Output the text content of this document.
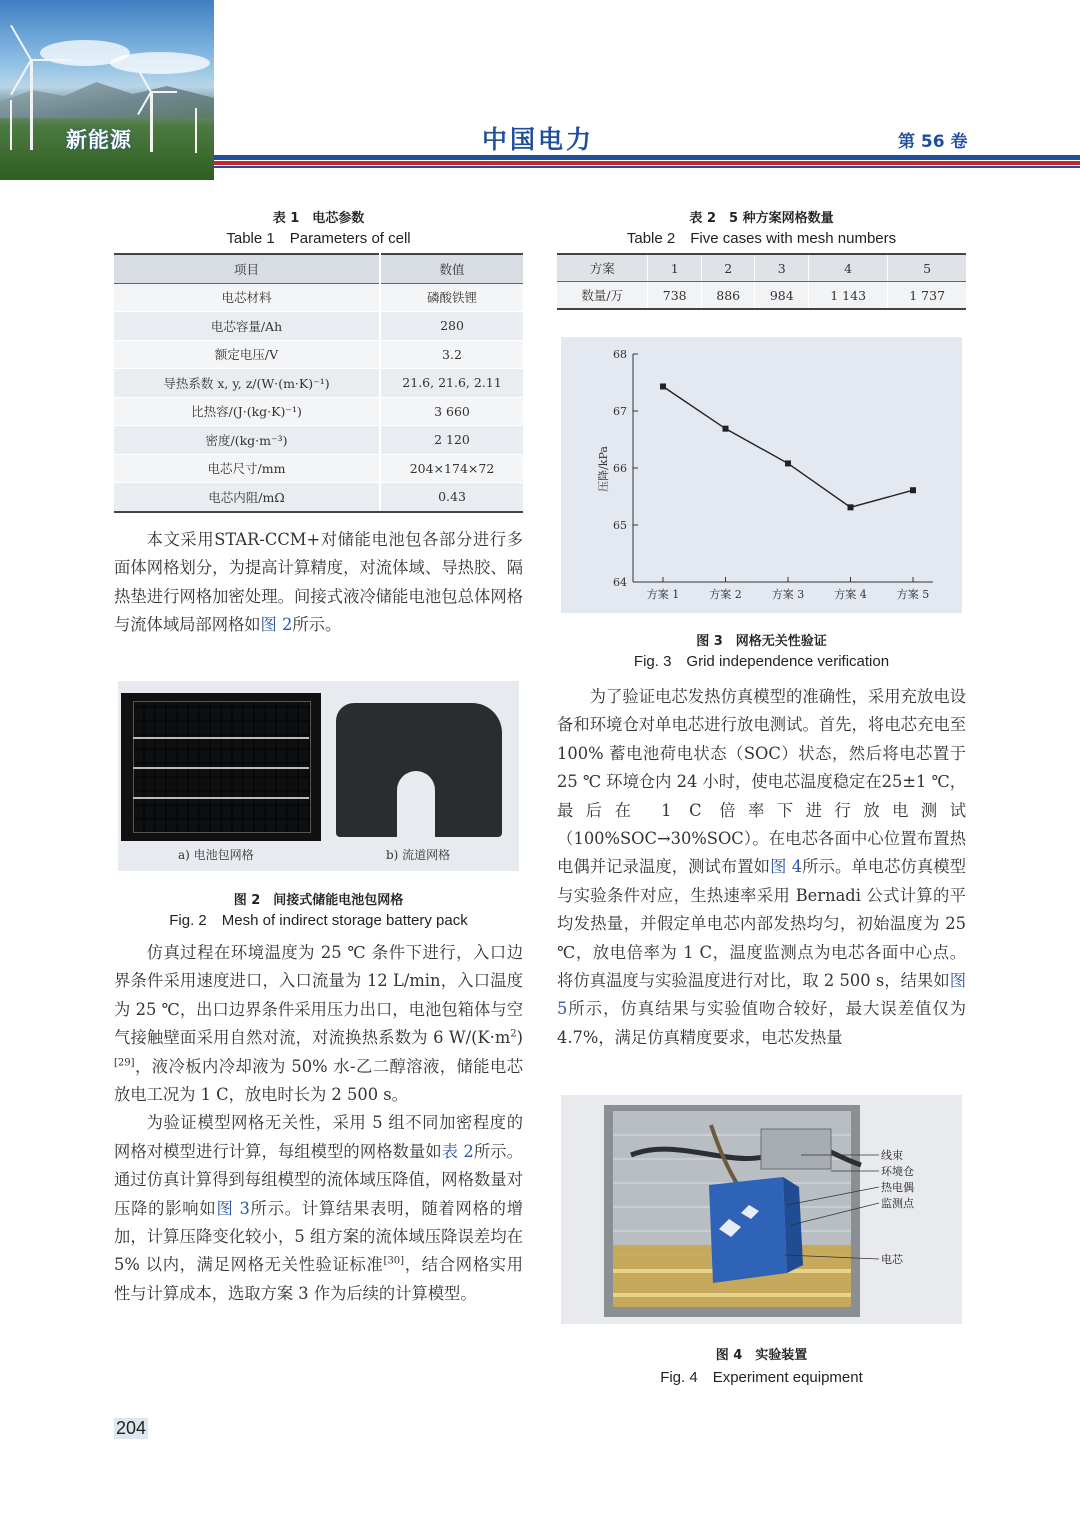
新能源	中国电力	第 56 卷
表 1　电芯参数
Table 1　Parameters of cell
项目	数值
电芯材料	磷酸铁锂
电芯容量/Ah	280
额定电压/V	3.2
导热系数 x, y, z/(W·(m·K)⁻¹)	21.6, 21.6, 2.11
比热容/(J·(kg·K)⁻¹)	3 660
密度/(kg·m⁻³)	2 120
电芯尺寸/mm	204×174×72
电芯内阻/mΩ	0.43

本文采用STAR-CCM+对储能电池包各部分进行多面体网格划分，为提高计算精度，对流体域、导热胶、隔热垫进行网格加密处理。间接式液冷储能电池包总体网格与流体域局部网格如图 2所示。

a) 电池包网格	b) 流道网格
图 2　间接式储能电池包网格
Fig. 2　Mesh of indirect storage battery pack

仿真过程在环境温度为 25 ℃ 条件下进行，入口边界条件采用速度进口，入口流量为 12 L/min，入口温度为 25 ℃，出口边界条件采用压力出口，电池包箱体与空气接触壁面采用自然对流，对流换热系数为 6 $W/(K\cdot m^2)[29]$，液冷板内冷却液为 50% 水-乙二醇溶液，储能电芯放电工况为 1 C，放电时长为 2 500 s。

为验证模型网格无关性，采用 5 组不同加密程度的网格对模型进行计算，每组模型的网格数量如表 2所示。通过仿真计算得到每组模型的流体域压降值，网格数量对压降的影响如图 3所示。计算结果表明，随着网格的增加，计算压降变化较小，5 组方案的流体域压降误差均在 5% 以内，满足网格无关性验证标准[30]，结合网格实用性与计算成本，选取方案 3 作为后续的计算模型。

表 2　5 种方案网格数量
Table 2　Five cases with mesh numbers
方案	1	2	3	4	5
数量/万	738	886	984	1 143	1 737
64
65
66
67
68
方案 1	方案 2	方案 3	方案 4	方案 5
压降/kPa
图 3　网格无关性验证
Fig. 3　Grid independence verification

为了验证电芯发热仿真模型的准确性，采用充放电设备和环境仓对单电芯进行放电测试。首先，将电芯充电至 100% 蓄电池荷电状态（SOC）状态，然后将电芯置于 25 ℃ 环境仓内 24 小时，使电芯温度稳定在25±1 ℃，最后在 1 C 倍率下进行放电测试（100%SOC→30%SOC）。在电芯各面中心位置布置热电偶并记录温度，测试布置如图 4所示。单电芯仿真模型与实验条件对应，生热速率采用 Bernadi 公式计算的平均发热量，并假定单电芯内部发热均匀，初始温度为 25 ℃，放电倍率为 1 C，温度监测点为电芯各面中心点。将仿真温度与实验温度进行对比，取 2 500 s，结果如图 5所示，仿真结果与实验值吻合较好，最大误差值仅为 4.7%，满足仿真精度要求，电芯发热量

线束
环境仓
热电偶
监测点
电芯
图 4　实验装置
Fig. 4　Experiment equipment
204
